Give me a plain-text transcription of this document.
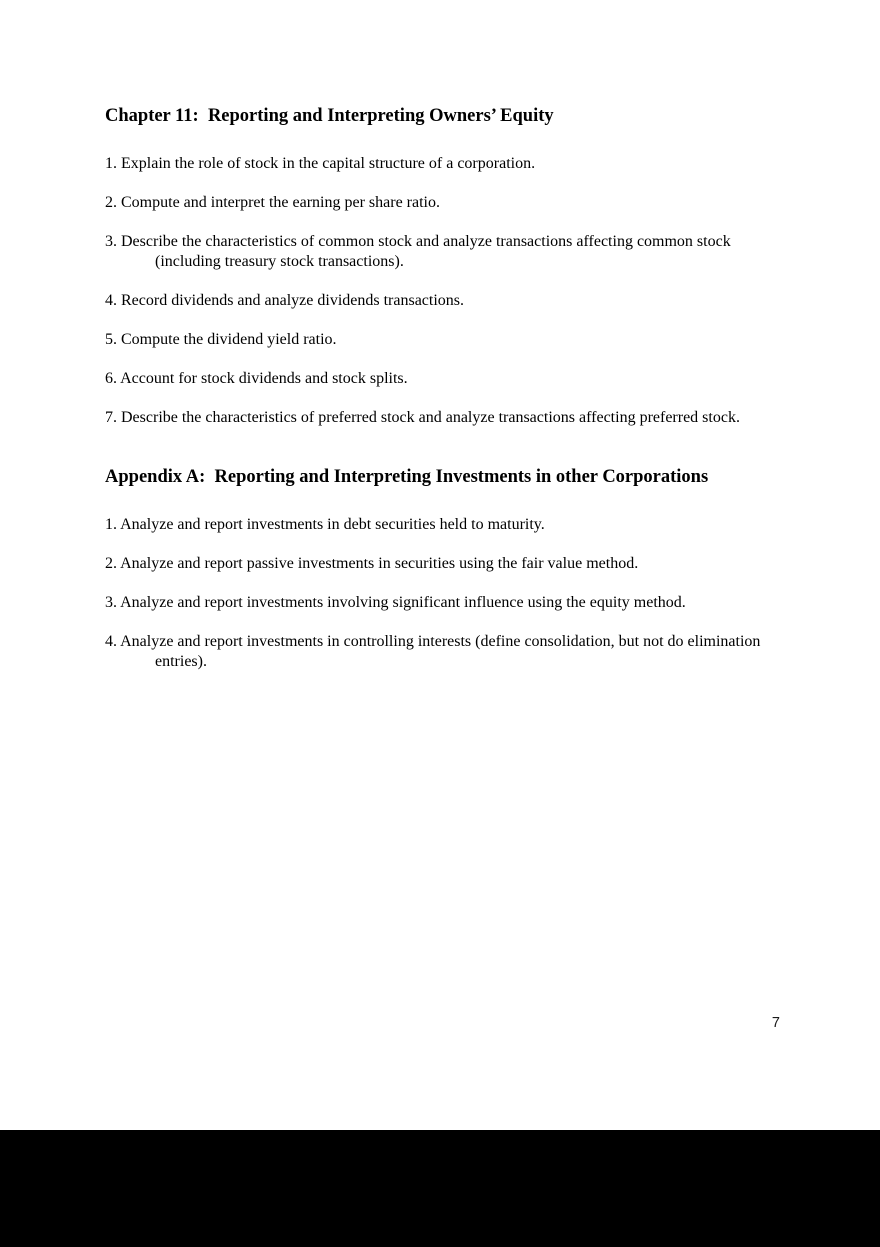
Chapter 11:  Reporting and Interpreting Owners’ Equity

1. Explain the role of stock in the capital structure of a corporation.

2. Compute and interpret the earning per share ratio.

3. Describe the characteristics of common stock and analyze transactions affecting common stock (including treasury stock transactions).

4. Record dividends and analyze dividends transactions.

5. Compute the dividend yield ratio.

6. Account for stock dividends and stock splits.

7. Describe the characteristics of preferred stock and analyze transactions affecting preferred stock.

Appendix A:  Reporting and Interpreting Investments in other Corporations

1. Analyze and report investments in debt securities held to maturity.

2. Analyze and report passive investments in securities using the fair value method.

3. Analyze and report investments involving significant influence using the equity method.

4. Analyze and report investments in controlling interests (define consolidation, but not do elimination entries).

7
